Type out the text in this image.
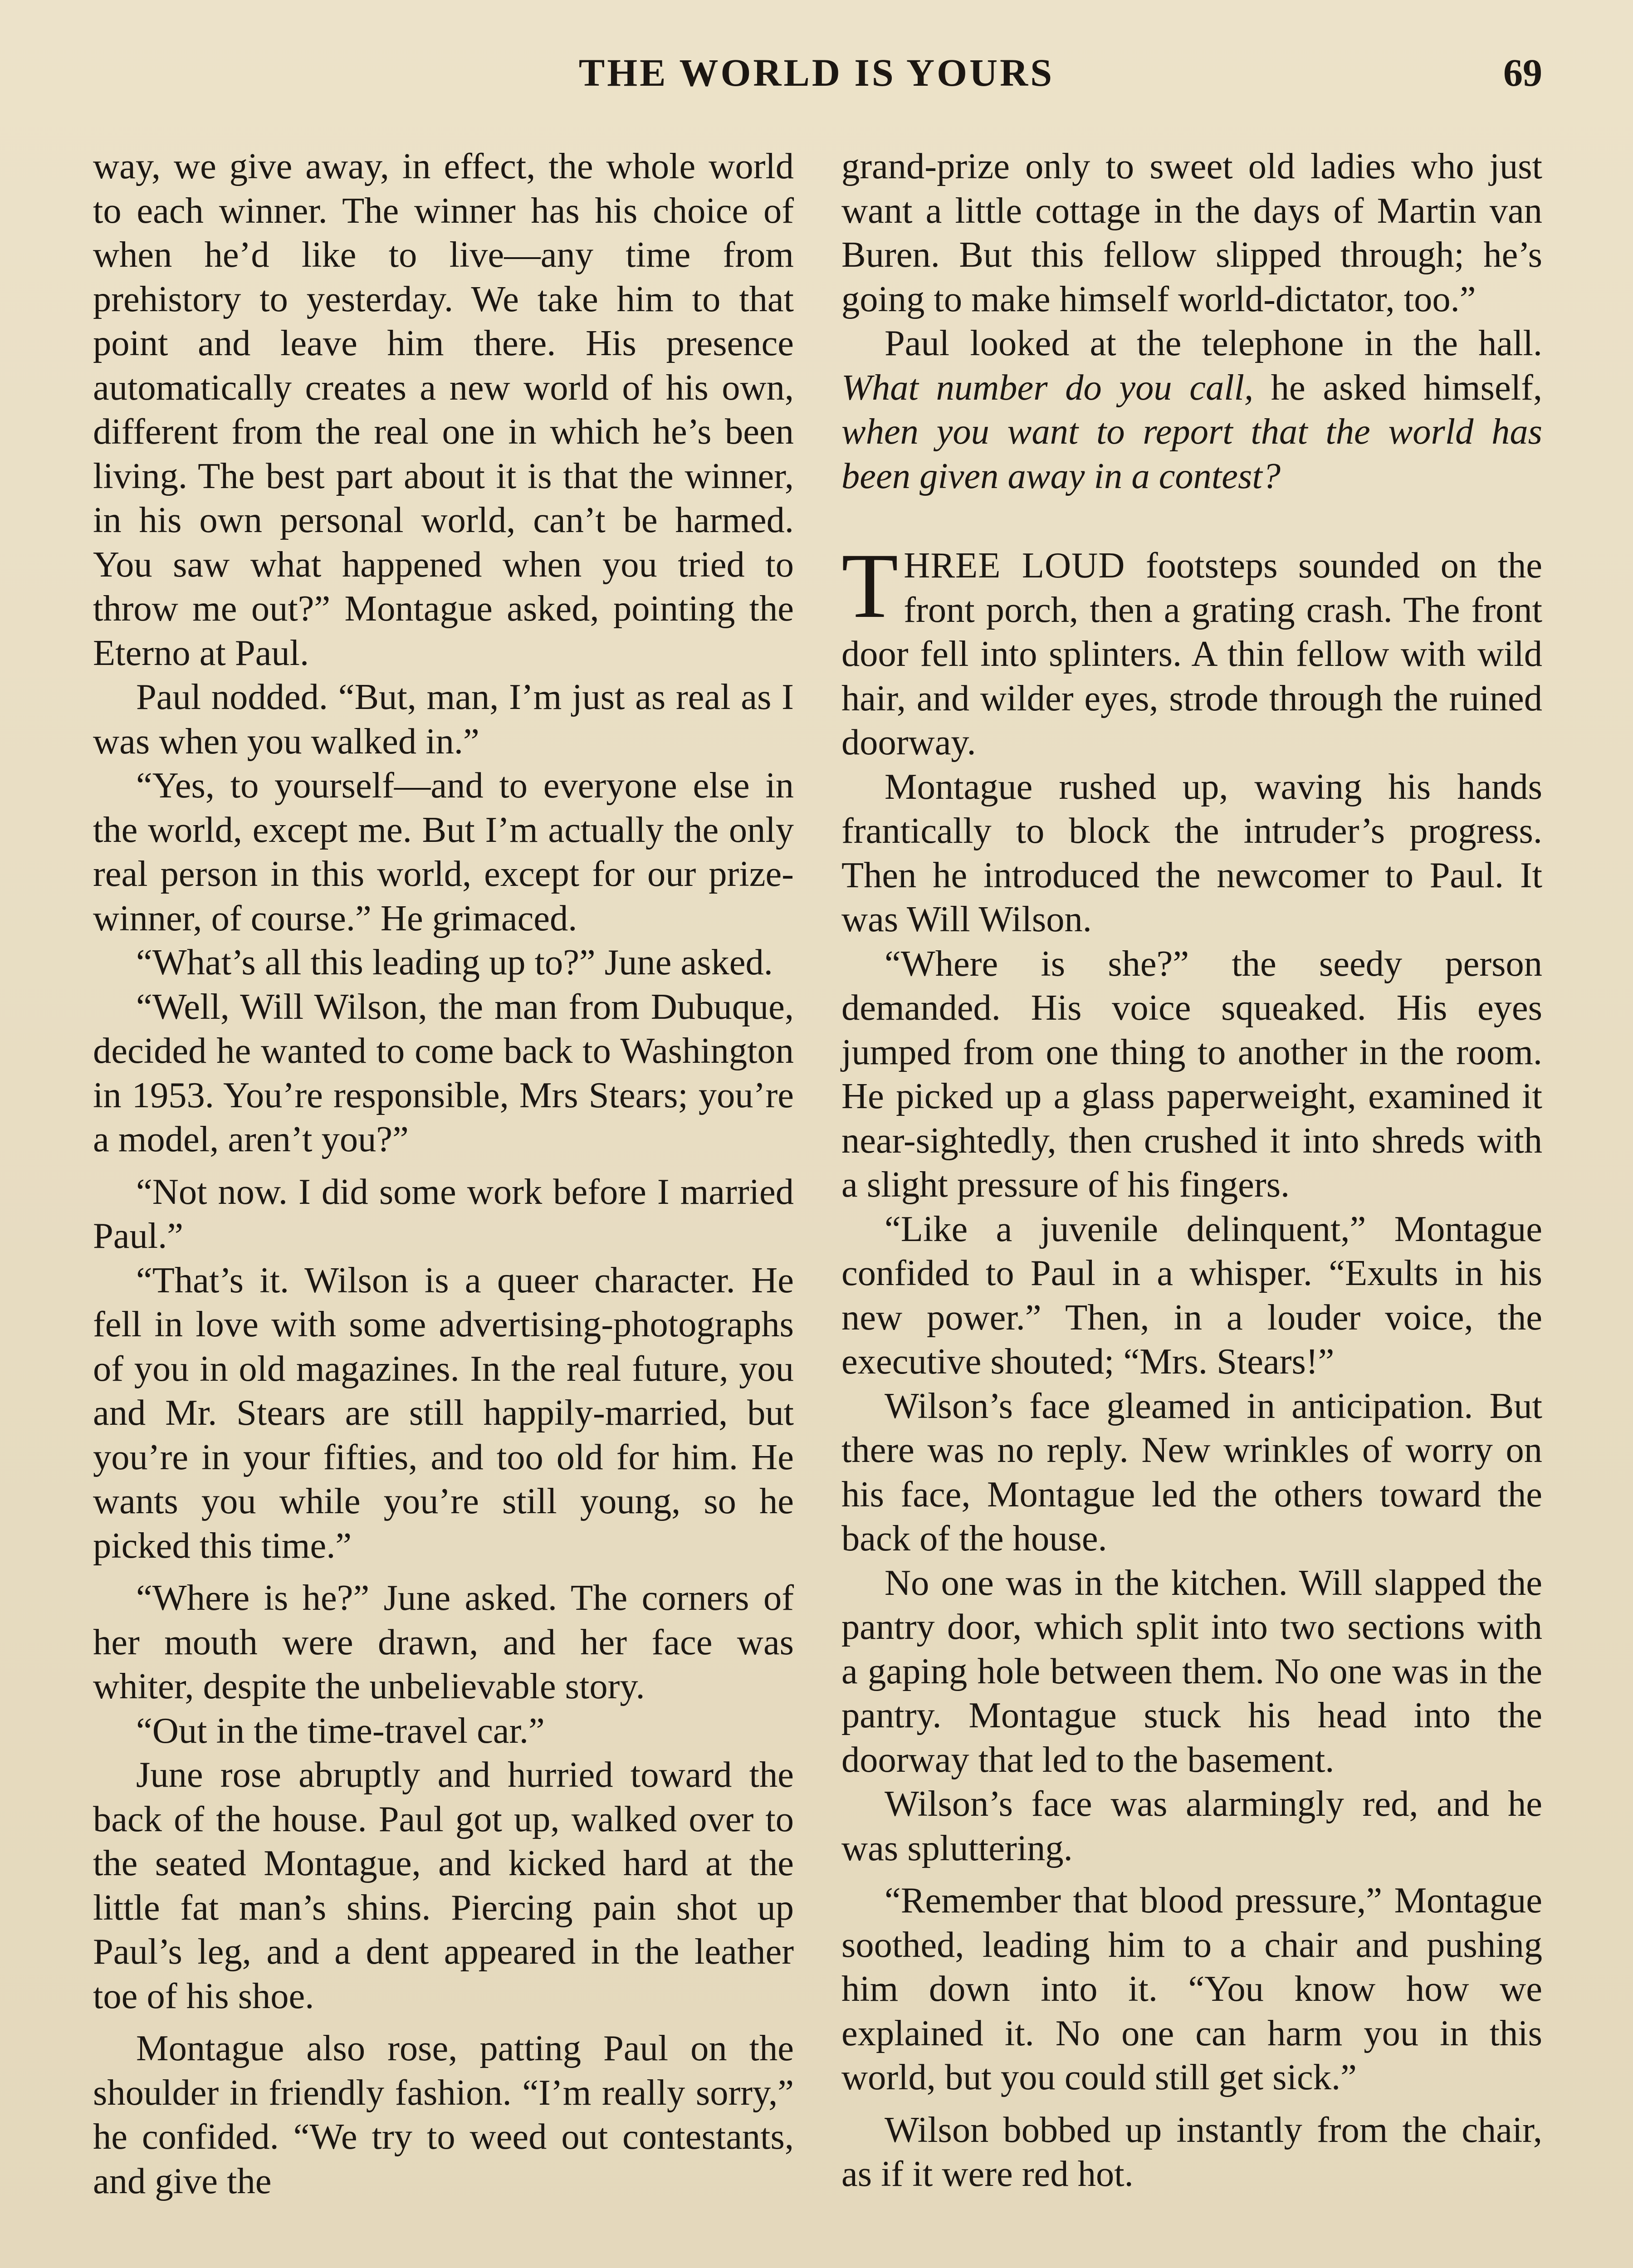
THE WORLD IS YOURS	69

way, we give away, in effect, the whole world to each winner. The winner has his choice of when he’d like to live—any time from prehistory to yesterday. We take him to that point and leave him there. His presence automatically creates a new world of his own, different from the real one in which he’s been living. The best part about it is that the winner, in his own personal world, can’t be harmed. You saw what happened when you tried to throw me out?” Montague asked, pointing the Eterno at Paul.

Paul nodded. “But, man, I’m just as real as I was when you walked in.”

“Yes, to yourself—and to everyone else in the world, except me. But I’m actually the only real person in this world, except for our prize-winner, of course.” He grimaced.

“What’s all this leading up to?” June asked.

“Well, Will Wilson, the man from Dubuque, decided he wanted to come back to Washington in 1953. You’re responsible, Mrs Stears; you’re a model, aren’t you?”

“Not now. I did some work before I married Paul.”

“That’s it. Wilson is a queer character. He fell in love with some advertising-photographs of you in old magazines. In the real future, you and Mr. Stears are still happily-married, but you’re in your fifties, and too old for him. He wants you while you’re still young, so he picked this time.”

“Where is he?” June asked. The corners of her mouth were drawn, and her face was whiter, despite the unbelievable story.

“Out in the time-travel car.”

June rose abruptly and hurried toward the back of the house. Paul got up, walked over to the seated Montague, and kicked hard at the little fat man’s shins. Piercing pain shot up Paul’s leg, and a dent appeared in the leather toe of his shoe.

Montague also rose, patting Paul on the shoulder in friendly fashion. “I’m really sorry,” he confided. “We try to weed out contestants, and give the

grand-prize only to sweet old ladies who just want a little cottage in the days of Martin van Buren. But this fellow slipped through; he’s going to make himself world-dictator, too.”

Paul looked at the telephone in the hall. What number do you call, he asked himself, when you want to report that the world has been given away in a contest?

THREE LOUD footsteps sounded on the front porch, then a grating crash. The front door fell into splinters. A thin fellow with wild hair, and wilder eyes, strode through the ruined doorway.

Montague rushed up, waving his hands frantically to block the intruder’s progress. Then he introduced the newcomer to Paul. It was Will Wilson.

“Where is she?” the seedy person demanded. His voice squeaked. His eyes jumped from one thing to another in the room. He picked up a glass paperweight, examined it near-sightedly, then crushed it into shreds with a slight pressure of his fingers.

“Like a juvenile delinquent,” Montague confided to Paul in a whisper. “Exults in his new power.” Then, in a louder voice, the executive shouted; “Mrs. Stears!”

Wilson’s face gleamed in anticipation. But there was no reply. New wrinkles of worry on his face, Montague led the others toward the back of the house.

No one was in the kitchen. Will slapped the pantry door, which split into two sections with a gaping hole between them. No one was in the pantry. Montague stuck his head into the doorway that led to the basement.

Wilson’s face was alarmingly red, and he was spluttering.

“Remember that blood pressure,” Montague soothed, leading him to a chair and pushing him down into it. “You know how we explained it. No one can harm you in this world, but you could still get sick.”

Wilson bobbed up instantly from the chair, as if it were red hot.
